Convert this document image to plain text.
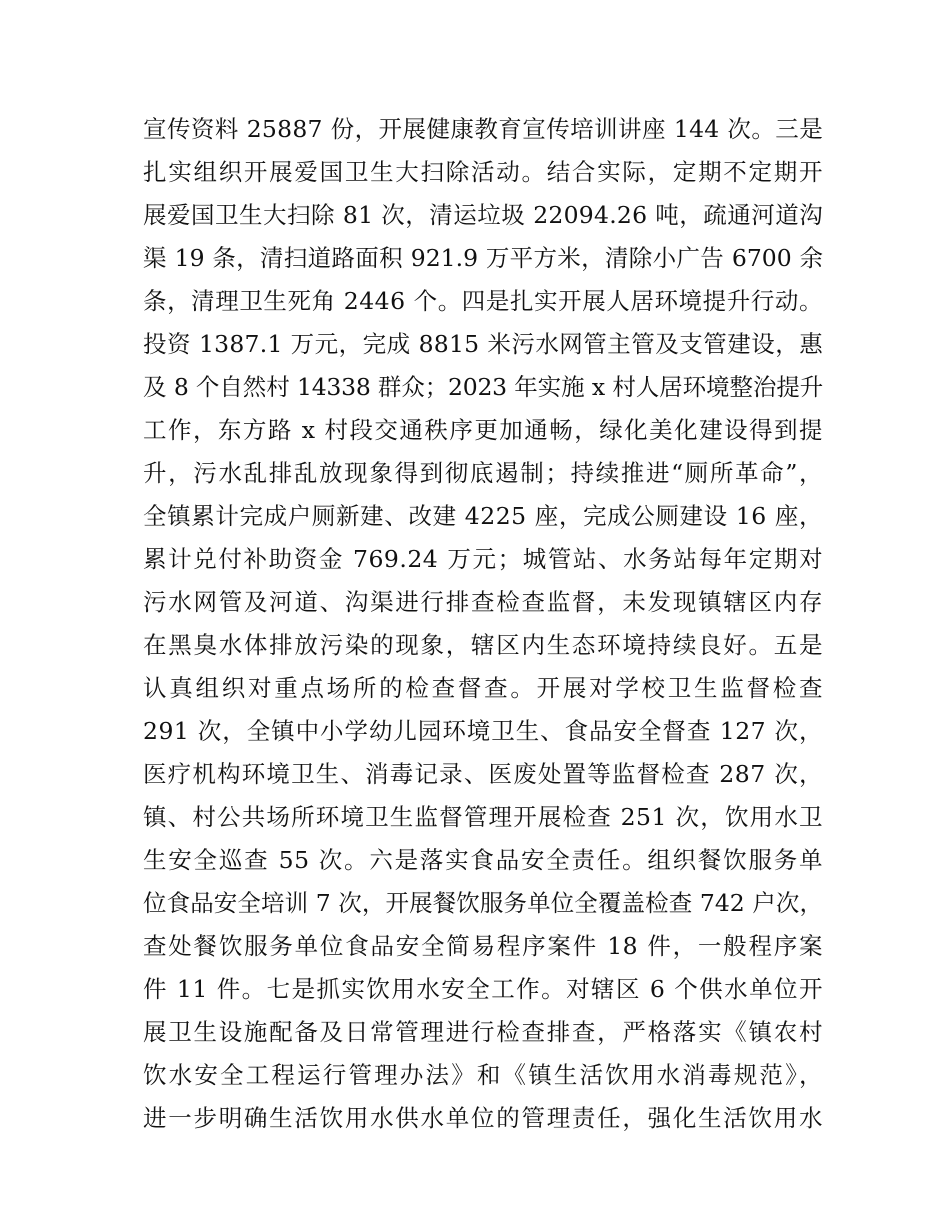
宣传资料 25887 份，开展健康教育宣传培训讲座 144 次。三是
扎实组织开展爱国卫生大扫除活动。结合实际，定期不定期开
展爱国卫生大扫除 81 次，清运垃圾 22094.26 吨，疏通河道沟
渠 19 条，清扫道路面积 921.9 万平方米，清除小广告 6700 余
条，清理卫生死角 2446 个。四是扎实开展人居环境提升行动。
投资 1387.1 万元，完成 8815 米污水网管主管及支管建设，惠
及 8 个自然村 14338 群众；2023 年实施 x 村人居环境整治提升
工作，东方路 x 村段交通秩序更加通畅，绿化美化建设得到提
升，污水乱排乱放现象得到彻底遏制；持续推进“厕所革命”，
全镇累计完成户厕新建、改建 4225 座，完成公厕建设 16 座，
累计兑付补助资金 769.24 万元；城管站、水务站每年定期对
污水网管及河道、沟渠进行排查检查监督，未发现镇辖区内存
在黑臭水体排放污染的现象，辖区内生态环境持续良好。五是
认真组织对重点场所的检查督查。开展对学校卫生监督检查
291 次，全镇中小学幼儿园环境卫生、食品安全督查 127 次，
医疗机构环境卫生、消毒记录、医废处置等监督检查 287 次，
镇、村公共场所环境卫生监督管理开展检查 251 次，饮用水卫
生安全巡查 55 次。六是落实食品安全责任。组织餐饮服务单
位食品安全培训 7 次，开展餐饮服务单位全覆盖检查 742 户次，
查处餐饮服务单位食品安全简易程序案件 18 件，一般程序案
件 11 件。七是抓实饮用水安全工作。对辖区 6 个供水单位开
展卫生设施配备及日常管理进行检查排查，严格落实《镇农村
饮水安全工程运行管理办法》和《镇生活饮用水消毒规范》，
进一步明确生活饮用水供水单位的管理责任，强化生活饮用水
